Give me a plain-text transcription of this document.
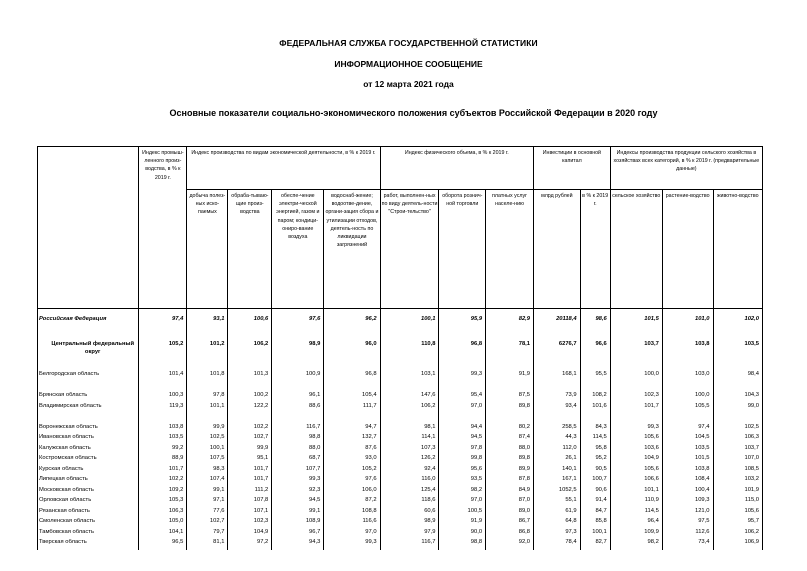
ФЕДЕРАЛЬНАЯ СЛУЖБА ГОСУДАРСТВЕННОЙ СТАТИСТИКИ
ИНФОРМАЦИОННОЕ СООБЩЕНИЕ
от 12 марта 2021 года
Основные показатели социально-экономического положения субъектов Российской Федерации в 2020 году
	Индекс промыш-ленного произ-водства, в % к 2019 г.	Индекс производства по видам экономической деятельности, в % к 2019 г.				Индекс физического объема, в % к 2019 г.			Инвестиции в основной капитал		Индексы производства продукции сельского хозяйства в хозяйствах всех категорий, в % к 2019 г. (предварительные данные)		
		добыча полез-ных иско-паемых	обраба-тываю-щие произ-водства	обеспе-чение электри-ческой энергией, газом и паром; кондици-ониро-вание воздуха	водоснаб-жение; водоотве-дение, органи-зация сбора и утилизации отходов, деятель-ность по ликвидации загрязнений	работ, выполнен-ных по виду деятель-ности "Строи-тельство"	оборота рознич-ной торговли	платных услуг населе-нию	млрд рублей	в % к 2019 г.	сельское хозяйство	растение-водство	животно-водство

Российская Федерация	97,4	93,1	100,6	97,6	96,2	100,1	95,9	82,9	20118,4	98,6	101,5	101,0	102,0
Центральный федеральный округ	105,2	101,2	106,2	98,9	96,0	110,8	96,8	78,1	6276,7	96,6	103,7	103,8	103,5
Белгородская область	101,4	101,8	101,3	100,9	96,8	103,1	99,3	91,9	168,1	95,5	100,0	103,0	98,4
Брянская область	100,3	97,8	100,2	96,1	105,4	147,6	95,4	87,5	73,9	108,2	102,3	100,0	104,3
Владимирская область	119,3	101,1	122,2	88,6	111,7	106,2	97,0	89,8	93,4	101,6	101,7	105,5	99,0
Воронежская область	103,8	99,9	102,2	116,7	94,7	98,1	94,4	80,2	258,5	84,3	99,3	97,4	102,5
Ивановская область	103,5	102,5	102,7	98,8	132,7	114,1	94,5	87,4	44,3	114,5	105,6	104,5	106,3
Калужская область	99,2	100,1	99,9	88,0	87,6	107,3	97,8	88,0	112,0	95,8	103,6	103,5	103,7
Костромская область	88,9	107,5	95,1	68,7	93,0	126,2	99,8	89,8	26,1	95,2	104,9	101,5	107,0
Курская область	101,7	98,3	101,7	107,7	105,2	92,4	95,6	89,9	140,1	90,5	105,6	103,8	108,5
Липецкая область	102,2	107,4	101,7	99,3	97,6	116,0	93,5	87,8	167,1	100,7	106,6	108,4	103,2
Московская область	109,2	99,1	111,2	92,3	106,0	125,4	98,2	84,9	1052,5	90,6	101,1	100,4	101,9
Орловская область	105,3	97,1	107,8	94,5	87,2	118,6	97,0	87,0	55,1	91,4	110,9	109,3	115,0
Рязанская область	106,3	77,6	107,1	99,1	108,8	60,6	100,5	89,0	61,9	84,7	114,5	121,0	105,6
Смоленская область	105,0	102,7	102,3	108,9	116,6	98,9	91,9	86,7	64,8	85,8	96,4	97,5	95,7
Тамбовская область	104,1	79,7	104,9	96,7	97,0	97,9	90,0	86,8	97,3	100,1	109,9	112,6	106,2
Тверская область	96,5	81,1	97,2	94,3	99,3	116,7	98,8	92,0	78,4	82,7	98,2	73,4	106,9
